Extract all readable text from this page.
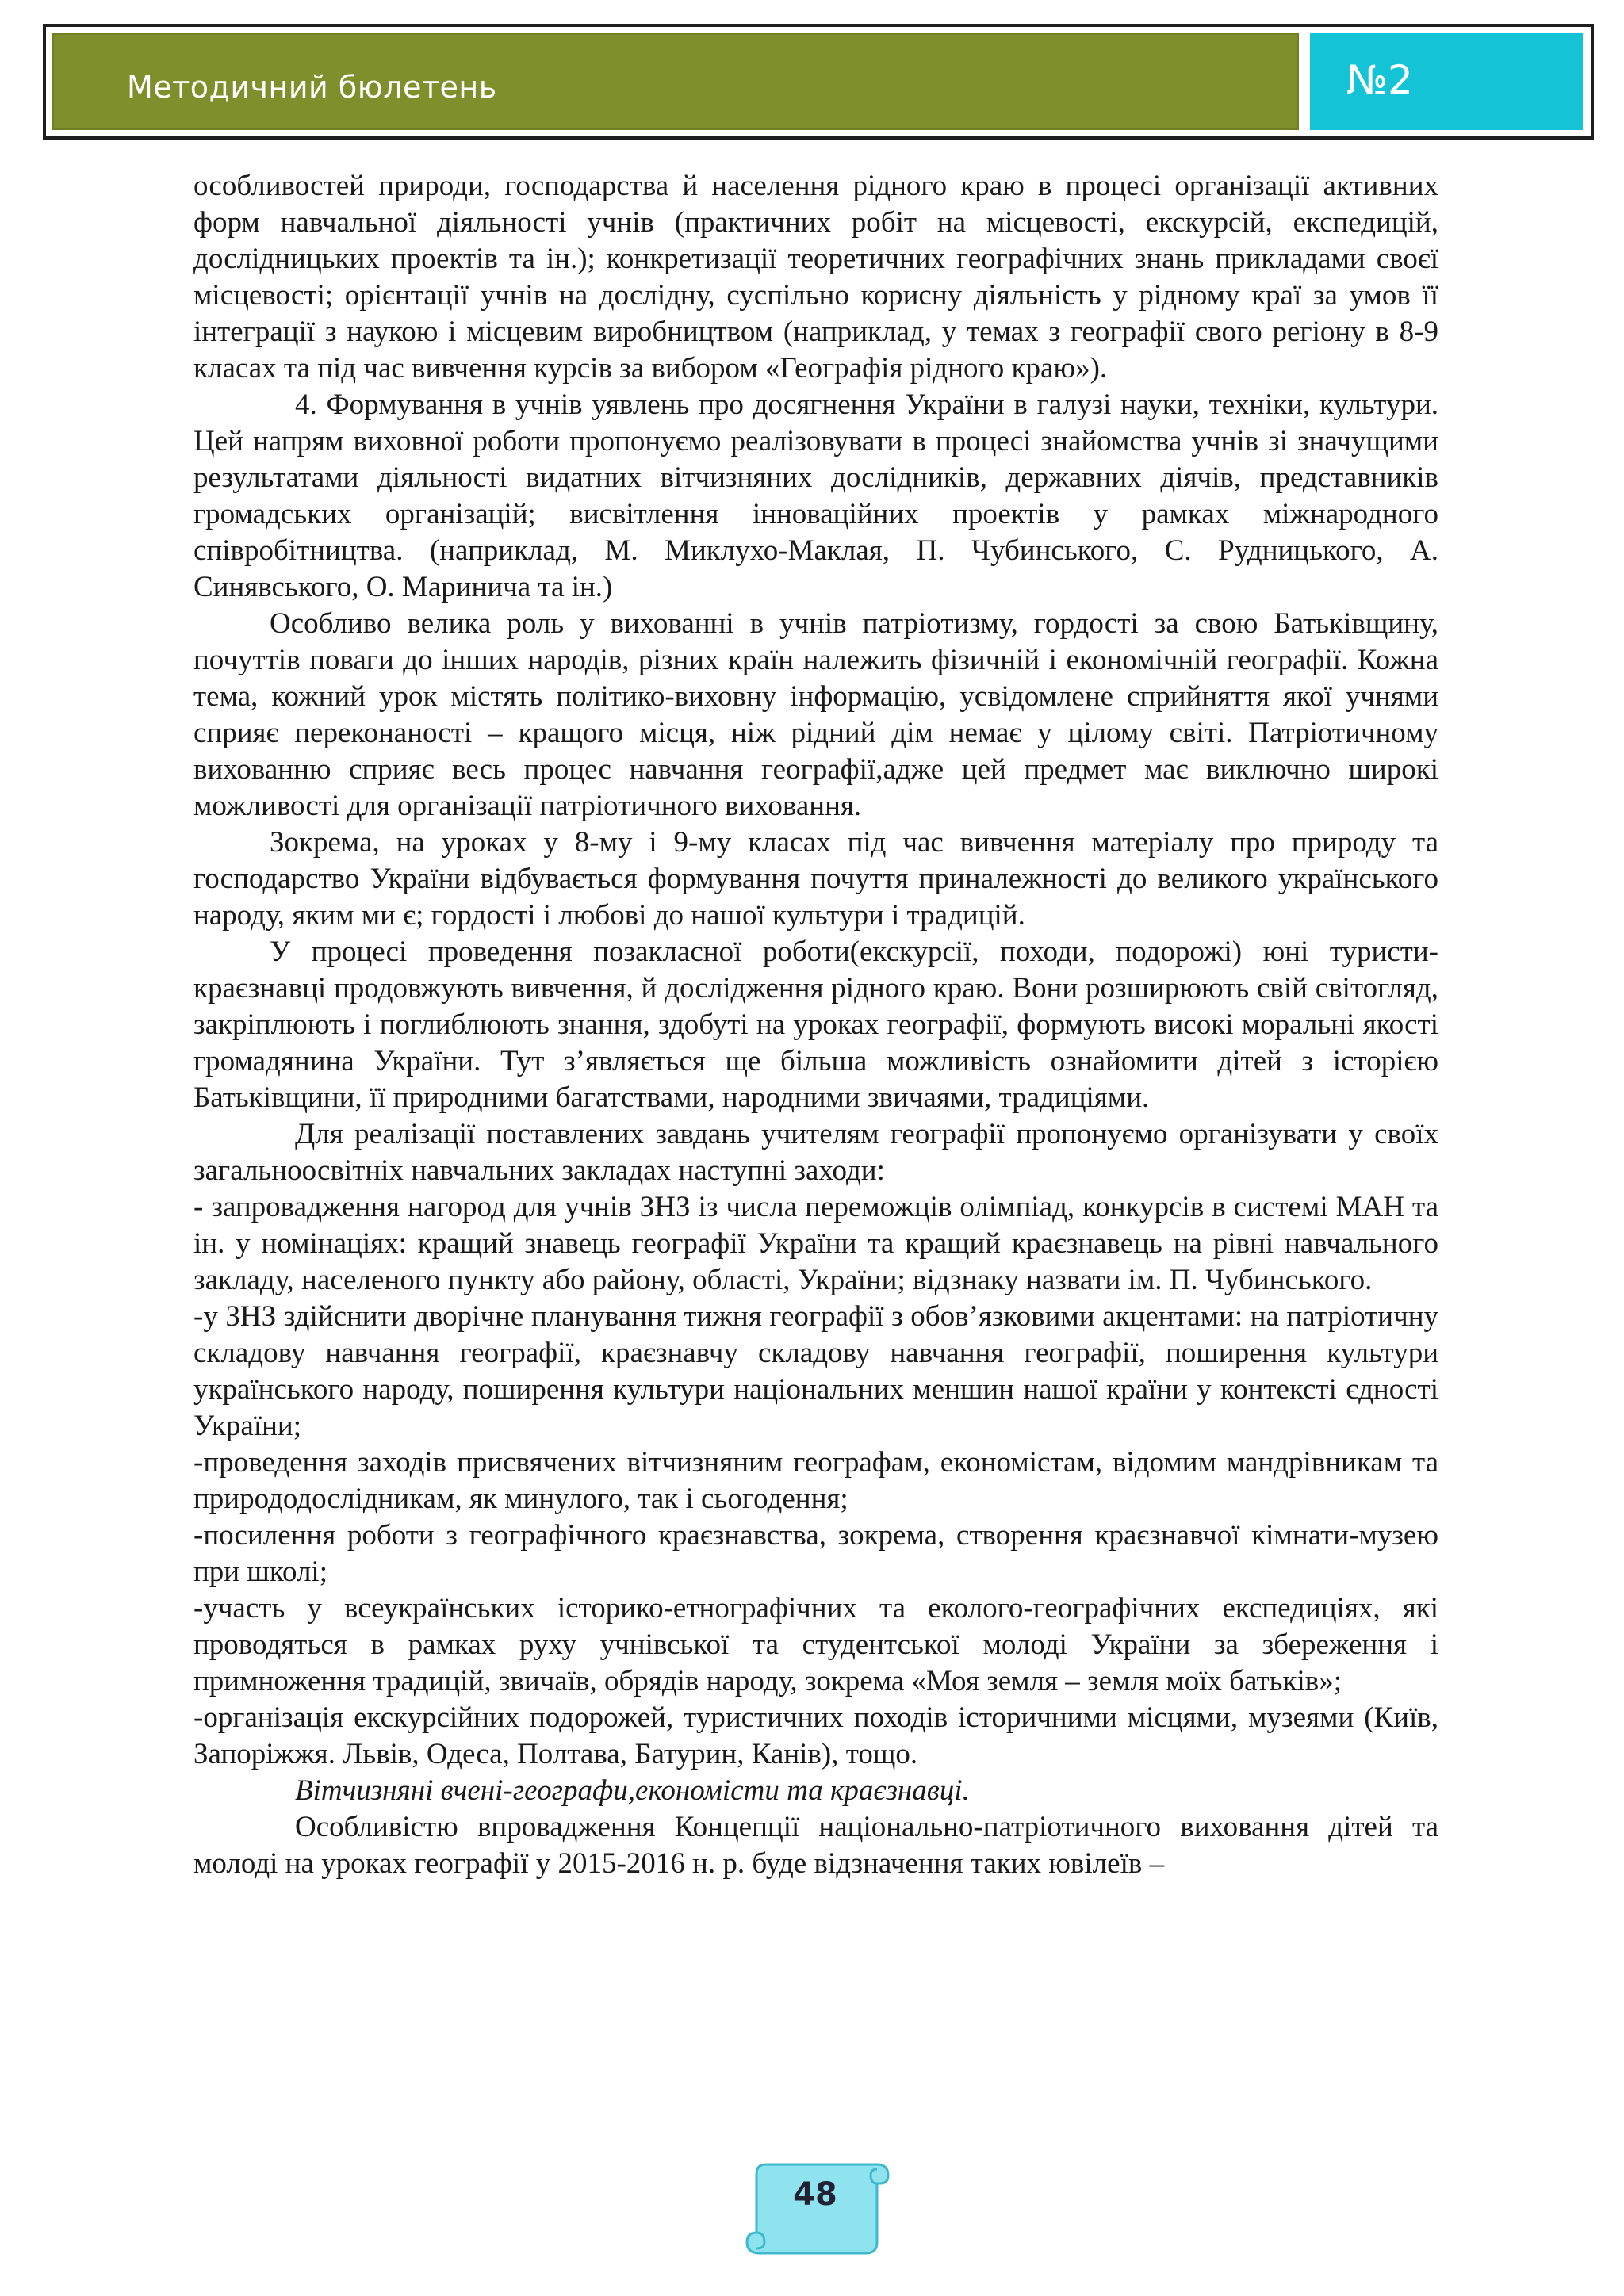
Методичний бюлетень	№2

особливостей природи, господарства й населення рідного краю в процесі організації активних форм навчальної діяльності учнів (практичних робіт на місцевості, екскурсій, експедицій, дослідницьких проектів та ін.); конкретизації теоретичних географічних знань прикладами своєї місцевості; орієнтації учнів на дослідну, суспільно корисну діяльність у рідному краї за умов її інтеграції з наукою і місцевим виробництвом (наприклад, у темах з географії свого регіону в 8-9 класах та під час вивчення курсів за вибором «Географія рідного краю»).

4. Формування в учнів уявлень про досягнення України в галузі науки, техніки, культури. Цей напрям виховної роботи пропонуємо реалізовувати в процесі знайомства учнів зі значущими результатами діяльності видатних вітчизняних дослідників, державних діячів, представників громадських організацій; висвітлення інноваційних проектів у рамках міжнародного співробітництва. (наприклад, М. Миклухо-Маклая, П. Чубинського, С. Рудницького, А. Синявського, О. Маринича та ін.)

Особливо велика роль у вихованні в учнів патріотизму, гордості за свою Батьківщину, почуттів поваги до інших народів, різних країн належить фізичній і економічній географії. Кожна тема, кожний урок містять політико-виховну інформацію, усвідомлене сприйняття якої учнями сприяє переконаності – кращого місця, ніж рідний дім немає у цілому світі. Патріотичному вихованню сприяє весь процес навчання географії,адже цей предмет має виключно широкі можливості для організації патріотичного виховання.

Зокрема, на уроках у 8-му і 9-му класах під час вивчення матеріалу про природу та господарство України відбувається формування почуття приналежності до великого українського народу, яким ми є; гордості і любові до нашої культури і традицій.

У процесі проведення позакласної роботи(екскурсії, походи, подорожі) юні туристи-краєзнавці продовжують вивчення, й дослідження рідного краю. Вони розширюють свій світогляд, закріплюють і поглиблюють знання, здобуті на уроках географії, формують високі моральні якості громадянина України. Тут з’являється ще більша можливість ознайомити дітей з історією Батьківщини, її природними багатствами, народними звичаями, традиціями.

Для реалізації поставлених завдань учителям географії пропонуємо організувати у своїх загальноосвітніх навчальних закладах наступні заходи:

- запровадження нагород для учнів ЗНЗ із числа переможців олімпіад, конкурсів в системі МАН та ін. у номінаціях: кращий знавець географії України та кращий краєзнавець на рівні навчального закладу, населеного пункту або району, області, України; відзнаку назвати ім. П. Чубинського.

-у ЗНЗ здійснити дворічне планування тижня географії з обов’язковими акцентами: на патріотичну складову навчання географії, краєзнавчу складову навчання географії, поширення культури українського народу, поширення культури національних меншин нашої країни у контексті єдності України;

-проведення заходів присвячених вітчизняним географам, економістам, відомим мандрівникам та природодослідникам, як минулого, так і сьогодення;

-посилення роботи з географічного краєзнавства, зокрема, створення краєзнавчої кімнати-музею при школі;

-участь у всеукраїнських історико-етнографічних та еколого-географічних експедиціях, які проводяться в рамках руху учнівської та студентської молоді України за збереження і примноження традицій, звичаїв, обрядів народу, зокрема «Моя земля – земля моїх батьків»;

-організація екскурсійних подорожей, туристичних походів історичними місцями, музеями (Київ, Запоріжжя. Львів, Одеса, Полтава, Батурин, Канів), тощо.

Вітчизняні вчені-географи,економісти та краєзнавці.

Особливістю впровадження Концепції національно-патріотичного виховання дітей та молоді на уроках географії у 2015-2016 н. р. буде відзначення таких ювілеїв –

48
